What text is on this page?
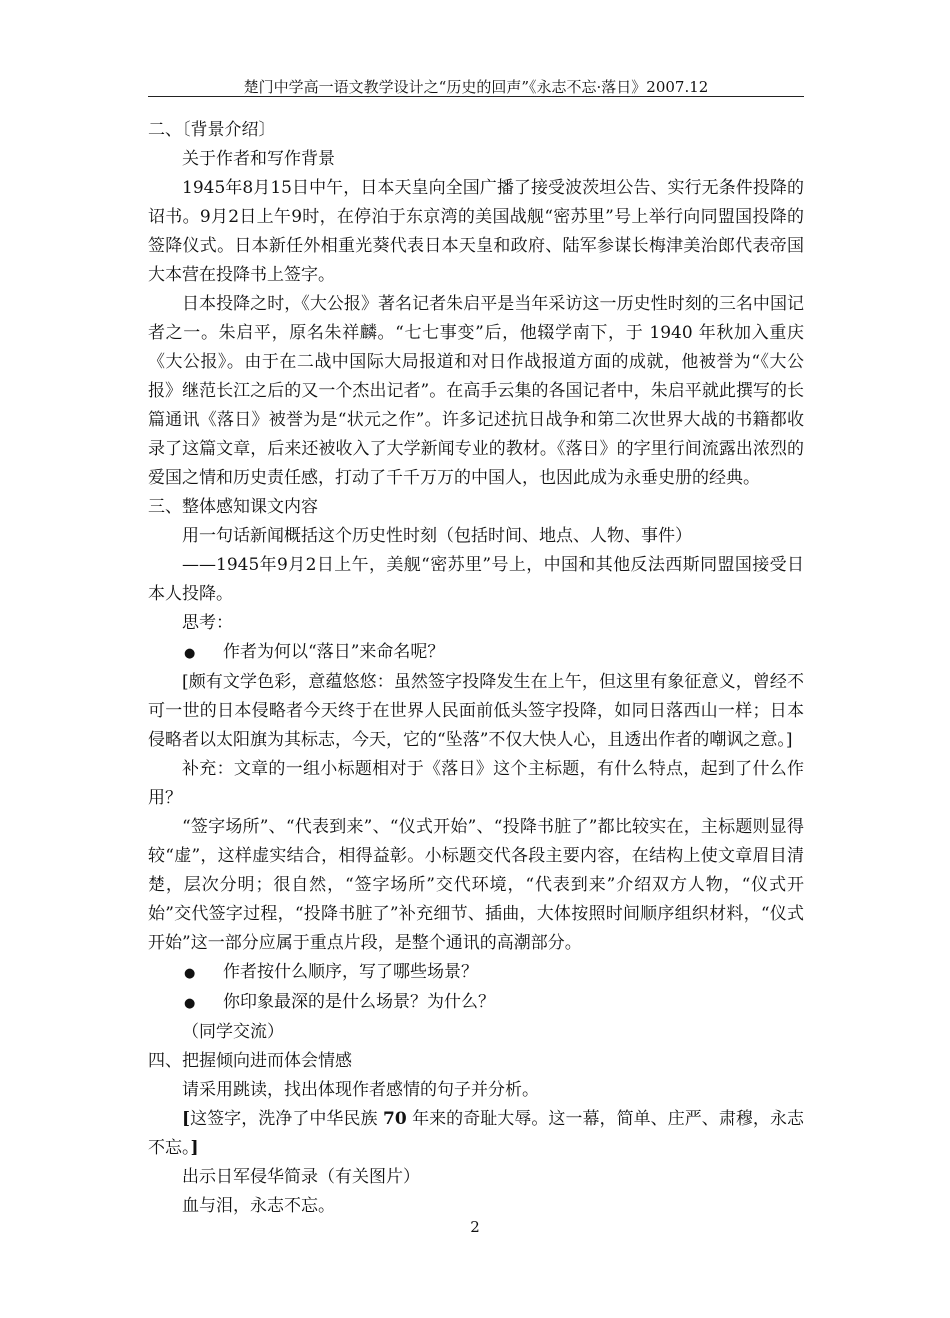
楚门中学高一语文教学设计之“历史的回声”《永志不忘·落日》2007.12

二、〔背景介绍〕

关于作者和写作背景

1945年8月15日中午，日本天皇向全国广播了接受波茨坦公告、实行无条件投降的诏书。9月2日上午9时，在停泊于东京湾的美国战舰“密苏里”号上举行向同盟国投降的签降仪式。日本新任外相重光葵代表日本天皇和政府、陆军参谋长梅津美治郎代表帝国大本营在投降书上签字。

日本投降之时，《大公报》著名记者朱启平是当年采访这一历史性时刻的三名中国记者之一。朱启平，原名朱祥麟。“七七事变”后，他辍学南下，于 1940 年秋加入重庆《大公报》。由于在二战中国际大局报道和对日作战报道方面的成就，他被誉为“《大公报》继范长江之后的又一个杰出记者”。在高手云集的各国记者中，朱启平就此撰写的长篇通讯《落日》被誉为是“状元之作”。许多记述抗日战争和第二次世界大战的书籍都收录了这篇文章，后来还被收入了大学新闻专业的教材。《落日》的字里行间流露出浓烈的爱国之情和历史责任感，打动了千千万万的中国人，也因此成为永垂史册的经典。

三、整体感知课文内容

用一句话新闻概括这个历史性时刻（包括时间、地点、人物、事件）

——1945年9月2日上午，美舰“密苏里”号上，中国和其他反法西斯同盟国接受日本人投降。

思考：

●	作者为何以“落日”来命名呢？

[颇有文学色彩，意蕴悠悠：虽然签字投降发生在上午，但这里有象征意义，曾经不可一世的日本侵略者今天终于在世界人民面前低头签字投降，如同日落西山一样；日本侵略者以太阳旗为其标志，今天，它的“坠落”不仅大快人心，且透出作者的嘲讽之意。]

补充：文章的一组小标题相对于《落日》这个主标题，有什么特点，起到了什么作用？

“签字场所”、“代表到来”、“仪式开始”、“投降书脏了”都比较实在，主标题则显得较“虚”，这样虚实结合，相得益彰。小标题交代各段主要内容，在结构上使文章眉目清楚，层次分明；很自然，“签字场所”交代环境，“代表到来”介绍双方人物，“仪式开始”交代签字过程，“投降书脏了”补充细节、插曲，大体按照时间顺序组织材料，“仪式开始”这一部分应属于重点片段，是整个通讯的高潮部分。

●	作者按什么顺序，写了哪些场景？
●	你印象最深的是什么场景？为什么？

（同学交流）

四、把握倾向进而体会情感

请采用跳读，找出体现作者感情的句子并分析。

[这签字，洗净了中华民族 70 年来的奇耻大辱。这一幕，简单、庄严、肃穆，永志不忘。]

出示日军侵华简录（有关图片）

血与泪，永志不忘。

2
